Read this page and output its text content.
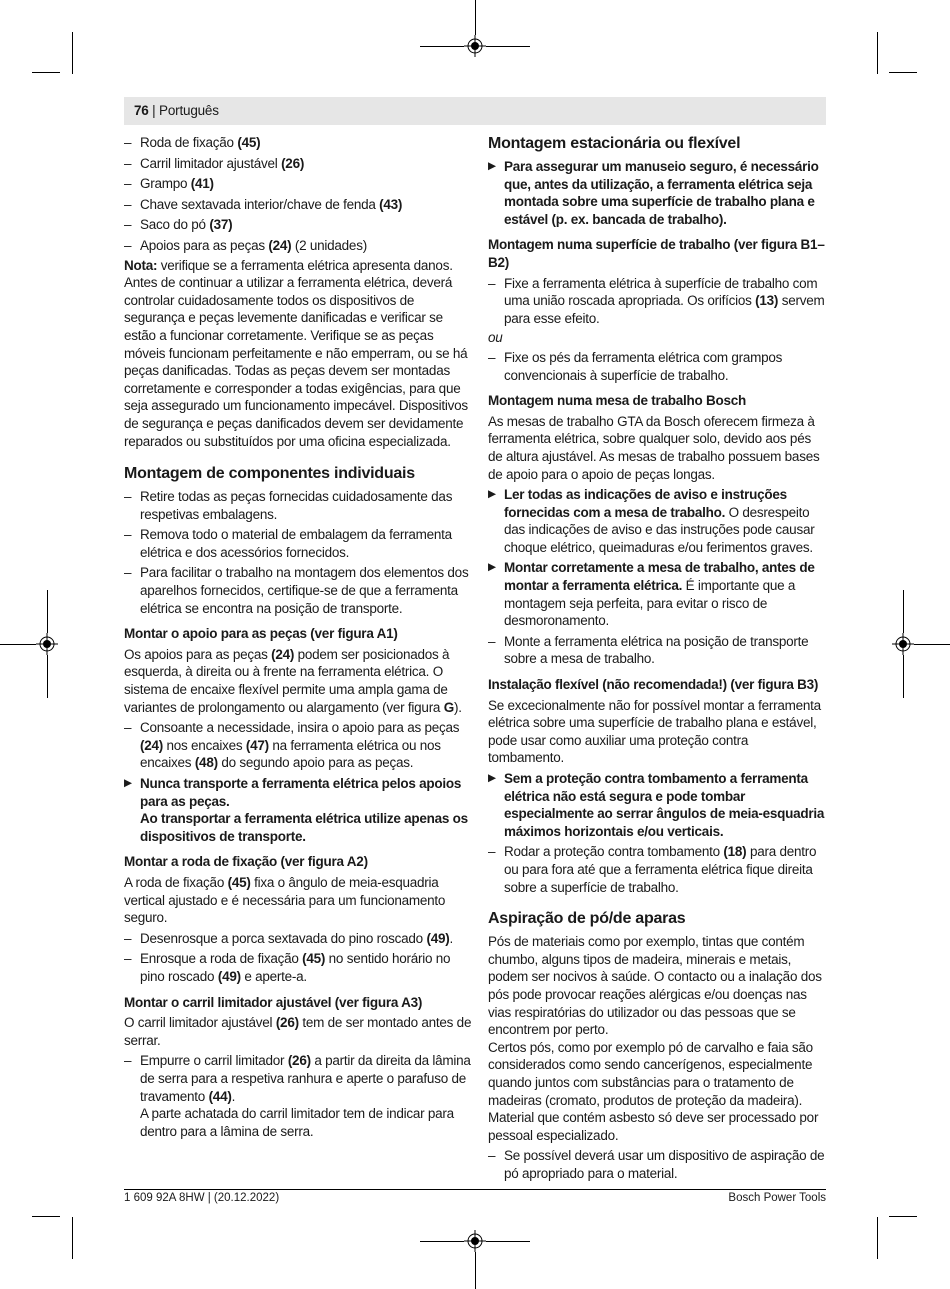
76 | Português
– Roda de fixação (45)
– Carril limitador ajustável (26)
– Grampo (41)
– Chave sextavada interior/chave de fenda (43)
– Saco do pó (37)
– Apoios para as peças (24) (2 unidades)
Nota: verifique se a ferramenta elétrica apresenta danos. Antes de continuar a utilizar a ferramenta elétrica, deverá controlar cuidadosamente todos os dispositivos de segurança e peças levemente danificadas e verificar se estão a funcionar corretamente. Verifique se as peças móveis funcionam perfeitamente e não emperram, ou se há peças danificadas. Todas as peças devem ser montadas corretamente e corresponder a todas exigências, para que seja assegurado um funcionamento impecável. Dispositivos de segurança e peças danificados devem ser devidamente reparados ou substituídos por uma oficina especializada.
Montagem de componentes individuais
– Retire todas as peças fornecidas cuidadosamente das respetivas embalagens.
– Remova todo o material de embalagem da ferramenta elétrica e dos acessórios fornecidos.
– Para facilitar o trabalho na montagem dos elementos dos aparelhos fornecidos, certifique-se de que a ferramenta elétrica se encontra na posição de transporte.
Montar o apoio para as peças (ver figura A1)
Os apoios para as peças (24) podem ser posicionados à esquerda, à direita ou à frente na ferramenta elétrica. O sistema de encaixe flexível permite uma ampla gama de variantes de prolongamento ou alargamento (ver figura G).
– Consoante a necessidade, insira o apoio para as peças (24) nos encaixes (47) na ferramenta elétrica ou nos encaixes (48) do segundo apoio para as peças.
▶ Nunca transporte a ferramenta elétrica pelos apoios para as peças.
Ao transportar a ferramenta elétrica utilize apenas os dispositivos de transporte.
Montar a roda de fixação (ver figura A2)
A roda de fixação (45) fixa o ângulo de meia-esquadria vertical ajustado e é necessária para um funcionamento seguro.
– Desenrosque a porca sextavada do pino roscado (49).
– Enrosque a roda de fixação (45) no sentido horário no pino roscado (49) e aperte-a.
Montar o carril limitador ajustável (ver figura A3)
O carril limitador ajustável (26) tem de ser montado antes de serrar.
– Empurre o carril limitador (26) a partir da direita da lâmina de serra para a respetiva ranhura e aperte o parafuso de travamento (44).
A parte achatada do carril limitador tem de indicar para dentro para a lâmina de serra.
Montagem estacionária ou flexível
▶ Para assegurar um manuseio seguro, é necessário que, antes da utilização, a ferramenta elétrica seja montada sobre uma superfície de trabalho plana e estável (p. ex. bancada de trabalho).
Montagem numa superfície de trabalho (ver figura B1–B2)
– Fixe a ferramenta elétrica à superfície de trabalho com uma união roscada apropriada. Os orifícios (13) servem para esse efeito.
ou
– Fixe os pés da ferramenta elétrica com grampos convencionais à superfície de trabalho.
Montagem numa mesa de trabalho Bosch
As mesas de trabalho GTA da Bosch oferecem firmeza à ferramenta elétrica, sobre qualquer solo, devido aos pés de altura ajustável. As mesas de trabalho possuem bases de apoio para o apoio de peças longas.
▶ Ler todas as indicações de aviso e instruções fornecidas com a mesa de trabalho. O desrespeito das indicações de aviso e das instruções pode causar choque elétrico, queimaduras e/ou ferimentos graves.
▶ Montar corretamente a mesa de trabalho, antes de montar a ferramenta elétrica. É importante que a montagem seja perfeita, para evitar o risco de desmoronamento.
– Monte a ferramenta elétrica na posição de transporte sobre a mesa de trabalho.
Instalação flexível (não recomendada!) (ver figura B3)
Se excecionalmente não for possível montar a ferramenta elétrica sobre uma superfície de trabalho plana e estável, pode usar como auxiliar uma proteção contra tombamento.
▶ Sem a proteção contra tombamento a ferramenta elétrica não está segura e pode tombar especialmente ao serrar ângulos de meia-esquadria máximos horizontais e/ou verticais.
– Rodar a proteção contra tombamento (18) para dentro ou para fora até que a ferramenta elétrica fique direita sobre a superfície de trabalho.
Aspiração de pó/de aparas
Pós de materiais como por exemplo, tintas que contém chumbo, alguns tipos de madeira, minerais e metais, podem ser nocivos à saúde. O contacto ou a inalação dos pós pode provocar reações alérgicas e/ou doenças nas vias respiratórias do utilizador ou das pessoas que se encontrem por perto.
Certos pós, como por exemplo pó de carvalho e faia são considerados como sendo cancerígenos, especialmente quando juntos com substâncias para o tratamento de madeiras (cromato, produtos de proteção da madeira). Material que contém asbesto só deve ser processado por pessoal especializado.
– Se possível deverá usar um dispositivo de aspiração de pó apropriado para o material.
1 609 92A 8HW | (20.12.2022)	Bosch Power Tools
